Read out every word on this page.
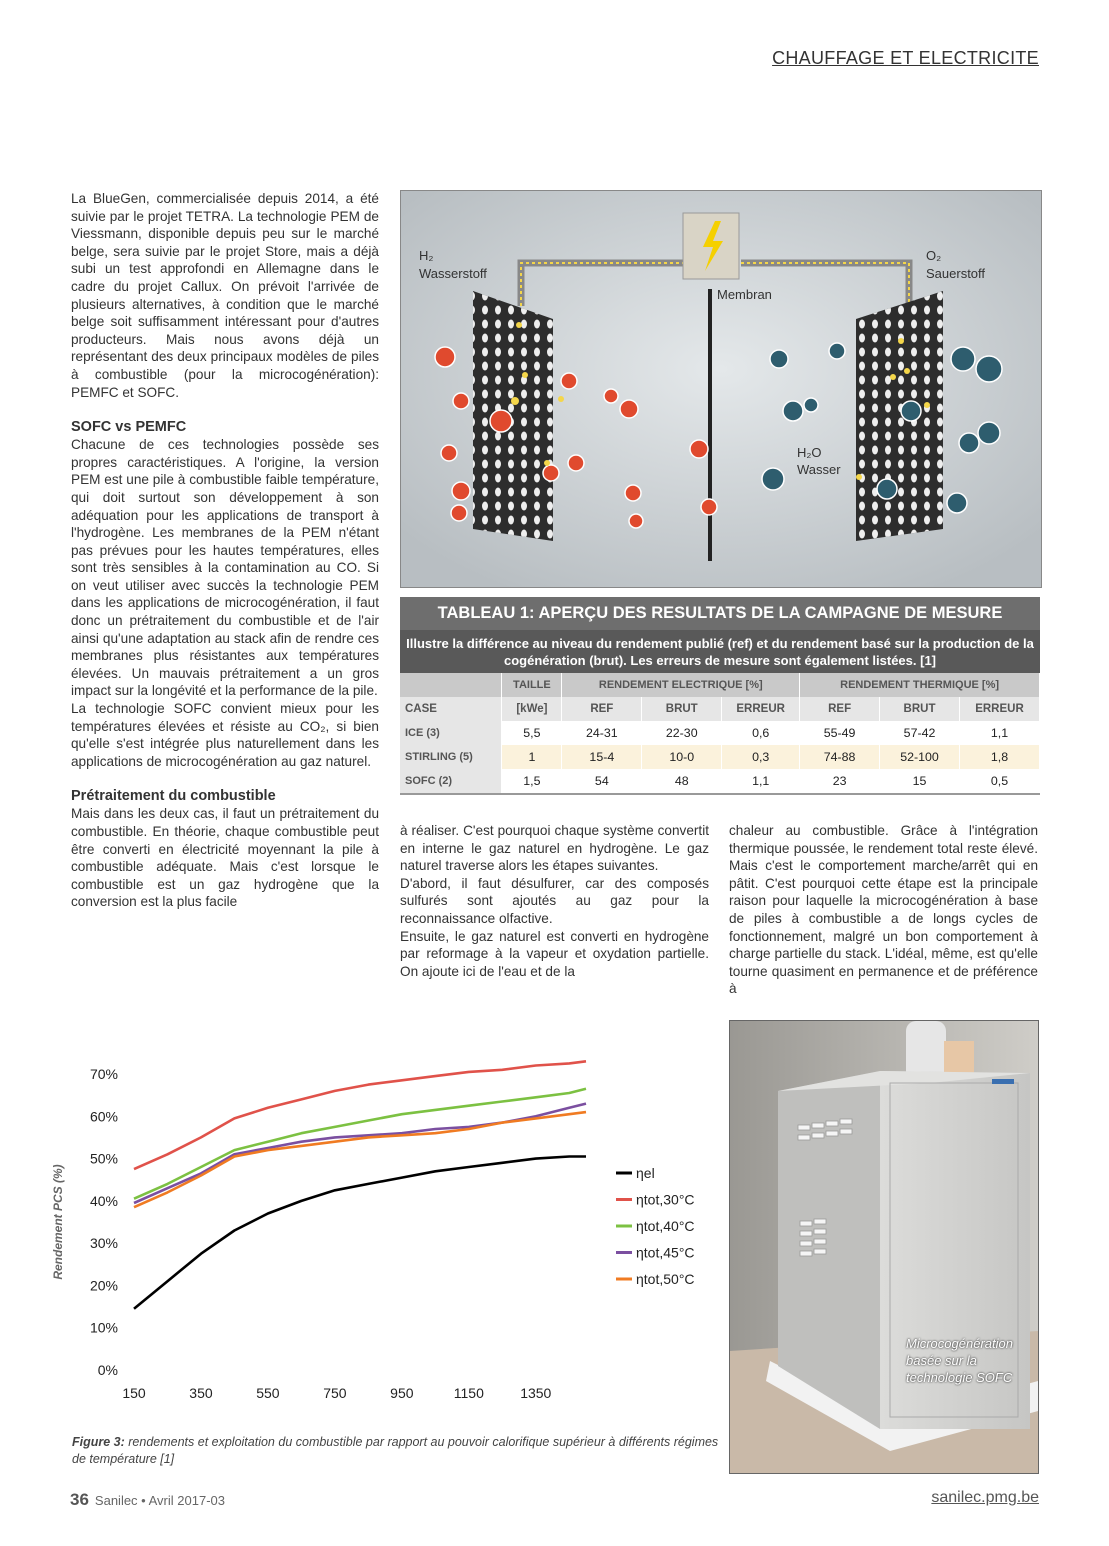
CHAUFFAGE ET ELECTRICITE

La BlueGen, commercialisée depuis 2014, a été suivie par le projet TETRA. La technologie PEM de Viessmann, disponible depuis peu sur le marché belge, sera suivie par le projet Store, mais a déjà subi un test approfondi en Allemagne dans le cadre du projet Callux. On prévoit l'arrivée de plusieurs alternatives, à condition que le marché belge soit suffisamment intéressant pour d'autres producteurs. Mais nous avons déjà un représentant des deux principaux modèles de piles à combustible (pour la microcogénération): PEMFC et SOFC.

SOFC vs PEMFC

Chacune de ces technologies possède ses propres caractéristiques. A l'origine, la version PEM est une pile à combustible faible température, qui doit surtout son développement à son adéquation pour les applications de transport à l'hydrogène. Les membranes de la PEM n'étant pas prévues pour les hautes températures, elles sont très sensibles à la contamination au CO. Si on veut utiliser avec succès la technologie PEM dans les applications de microcogénération, il faut donc un prétraitement du combustible et de l'air ainsi qu'une adaptation au stack afin de rendre ces membranes plus résistantes aux températures élevées. Un mauvais prétraitement a un gros impact sur la longévité et la performance de la pile.

La technologie SOFC convient mieux pour les températures élevées et résiste au CO₂, si bien qu'elle s'est intégrée plus naturellement dans les applications de microcogénération au gaz naturel.

Prétraitement du combustible

Mais dans les deux cas, il faut un prétraitement du combustible. En théorie, chaque combustible peut être converti en électricité moyennant la pile à combustible adéquate. Mais c'est lorsque le combustible est un gaz hydrogène que la conversion est la plus facile

H₂
Wasserstoff
O₂
Sauerstoff
Membran
H₂O
Wasser
TABLEAU 1: APERÇU DES RESULTATS DE LA CAMPAGNE DE MESURE
Illustre la différence au niveau du rendement publié (ref) et du rendement basé sur la production de la cogénération (brut). Les erreurs de mesure sont également listées. [1]
	TAILLE	RENDEMENT ELECTRIQUE [%]			RENDEMENT THERMIQUE [%]		
CASE	[kWe]	REF	BRUT	ERREUR	REF	BRUT	ERREUR
ICE (3)	5,5	24-31	22-30	0,6	55-49	57-42	1,1
STIRLING (5)	1	15-4	10-0	0,3	74-88	52-100	1,8
SOFC (2)	1,5	54	48	1,1	23	15	0,5

à réaliser. C'est pourquoi chaque système convertit en interne le gaz naturel en hydrogène. Le gaz naturel traverse alors les étapes suivantes.

D'abord, il faut désulfurer, car des composés sulfurés sont ajoutés au gaz pour la reconnaissance olfactive.

Ensuite, le gaz naturel est converti en hydrogène par reformage à la vapeur et oxydation partielle. On ajoute ici de l'eau et de la

chaleur au combustible. Grâce à l'intégration thermique poussée, le rendement total reste élevé. Mais c'est le comportement marche/arrêt qui en pâtit. C'est pourquoi cette étape est la principale raison pour laquelle la microcogénération à base de piles à combustible a de longs cycles de fonctionnement, malgré un bon comportement à charge partielle du stack. L'idéal, même, est qu'elle tourne quasiment en permanence et de préférence à

0%
10%
20%
30%
40%
50%
60%
70%
150	350	550	750	950	1150	1350
Rendement PCS (%)	ηel
ηtot,30°C
ηtot,40°C
ηtot,45°C
ηtot,50°C
Figure 3: rendements et exploitation du combustible par rapport au pouvoir calorifique supérieur à différents régimes de température [1]
Microcogénération basée sur la technologie SOFC
36 Sanilec • Avril 2017-03	sanilec.pmg.be
